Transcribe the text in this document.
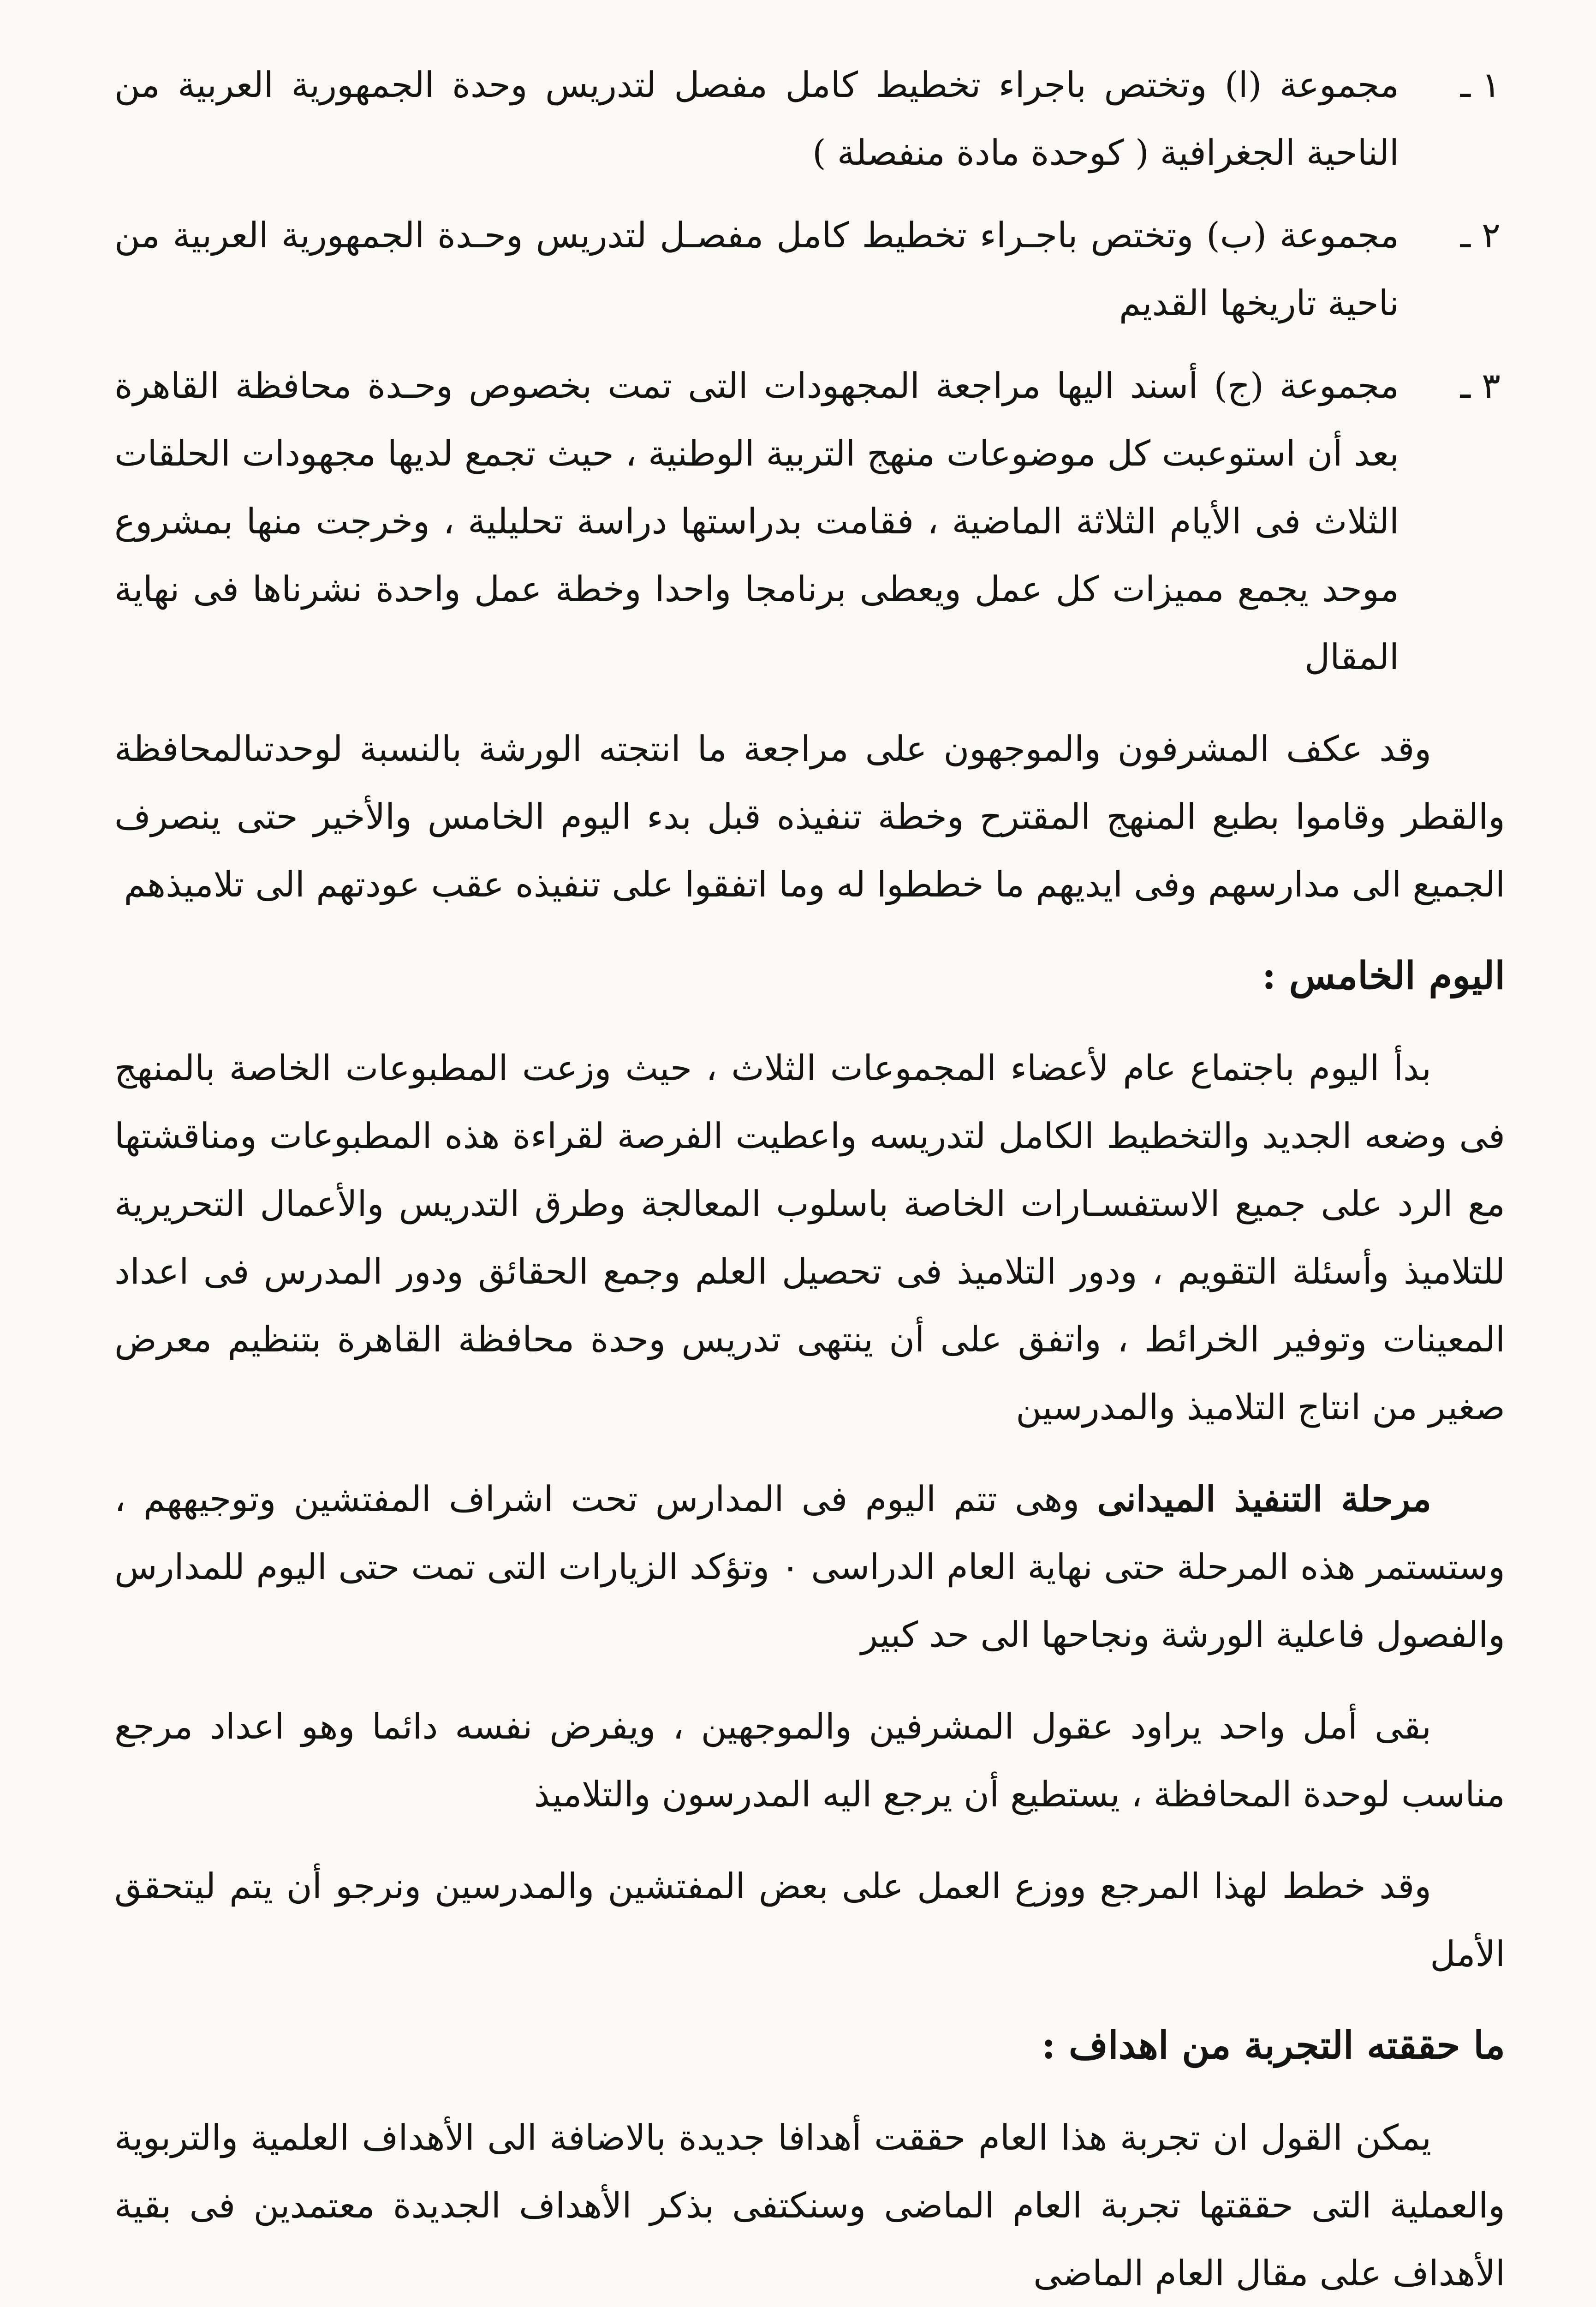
١ ـ
مجموعة (ا) وتختص باجراء تخطيط كامل مفصل لتدريس وحدة الجمهورية العربية من الناحية الجغرافية ( كوحدة مادة منفصلة )
٢ ـ
مجموعة (ب) وتختص باجـراء تخطيط كامل مفصـل لتدريس وحـدة الجمهورية العربية من ناحية تاريخها القديم
٣ ـ
مجموعة (ج) أسند اليها مراجعة المجهودات التى تمت بخصوص وحـدة محافظة القاهرة بعد أن استوعبت كل موضوعات منهج التربية الوطنية ، حيث تجمع لديها مجهودات الحلقات الثلاث فى الأيام الثلاثة الماضية ، فقامت بدراستها دراسة تحليلية ، وخرجت منها بمشروع موحد يجمع مميزات كل عمل ويعطى برنامجا واحدا وخطة عمل واحدة نشرناها فى نهاية المقال

وقد عكف المشرفون والموجهون على مراجعة ما انتجته الورشة بالنسبة لوحدتىالمحافظة والقطر وقاموا بطبع المنهج المقترح وخطة تنفيذه قبل بدء اليوم الخامس والأخير حتى ينصرف الجميع الى مدارسهم وفى ايديهم ما خططوا له وما اتفقوا على تنفيذه عقب عودتهم الى تلاميذهم

اليوم الخامس :

بدأ اليوم باجتماع عام لأعضاء المجموعات الثلاث ، حيث وزعت المطبوعات الخاصة بالمنهج فى وضعه الجديد والتخطيط الكامل لتدريسه واعطيت الفرصة لقراءة هذه المطبوعات ومناقشتها مع الرد على جميع الاستفسـارات الخاصة باسلوب المعالجة وطرق التدريس والأعمال التحريرية للتلاميذ وأسئلة التقويم ، ودور التلاميذ فى تحصيل العلم وجمع الحقائق ودور المدرس فى اعداد المعينات وتوفير الخرائط ، واتفق على أن ينتهى تدريس وحدة محافظة القاهرة بتنظيم معرض صغير من انتاج التلاميذ والمدرسين

مرحلة التنفيذ الميدانى وهى تتم اليوم فى المدارس تحت اشراف المفتشين وتوجيههم ، وستستمر هذه المرحلة حتى نهاية العام الدراسى ٠ وتؤكد الزيارات التى تمت حتى اليوم للمدارس والفصول فاعلية الورشة ونجاحها الى حد كبير

بقى أمل واحد يراود عقول المشرفين والموجهين ، ويفرض نفسه دائما وهو اعداد مرجع مناسب لوحدة المحافظة ، يستطيع أن يرجع اليه المدرسون والتلاميذ

وقد خطط لهذا المرجع ووزع العمل على بعض المفتشين والمدرسين ونرجو أن يتم ليتحقق الأمل

ما حققته التجربة من اهداف :

يمكن القول ان تجربة هذا العام حققت أهدافا جديدة بالاضافة الى الأهداف العلمية والتربوية والعملية التى حققتها تجربة العام الماضى وسنكتفى بذكر الأهداف الجديدة معتمدين فى بقية الأهداف على مقال العام الماضى
